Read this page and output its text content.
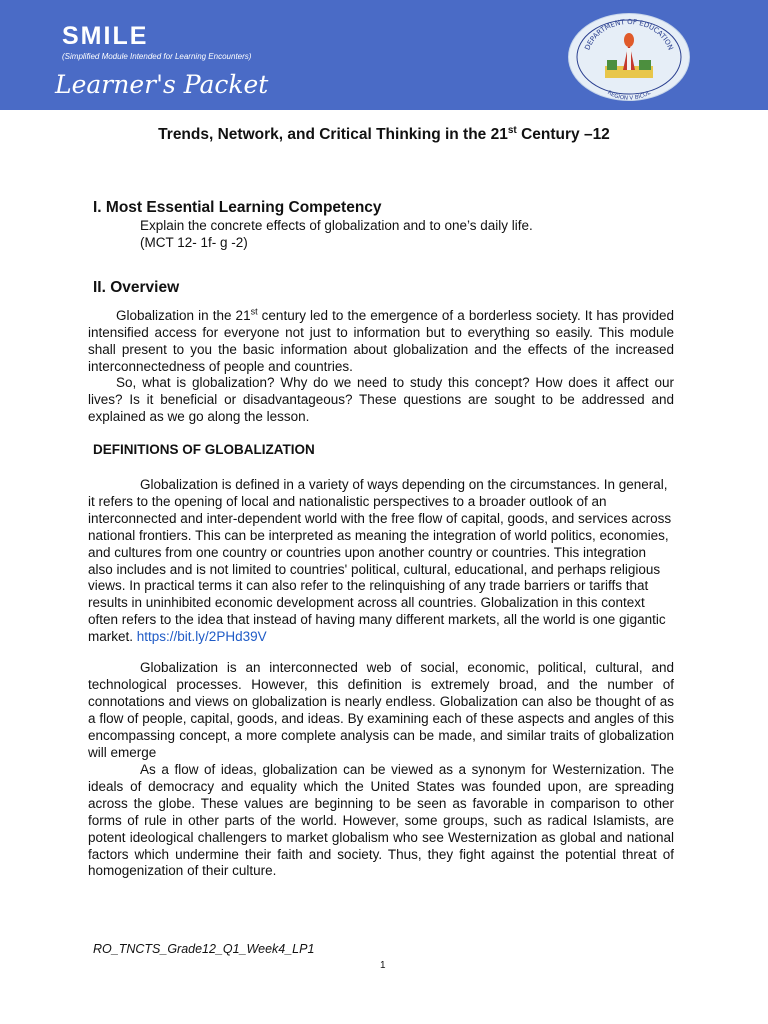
SMILE
(Simplified Module Intended for Learning Encounters)
Learner's Packet
DEPARTMENT OF EDUCATION
REGION V BICOL
Trends, Network, and Critical Thinking in the 21st Century –12
I. Most Essential Learning Competency
Explain the concrete effects of globalization and to one’s daily life.
(MCT 12- 1f- g -2)
II. Overview
Globalization in the 21st century led to the emergence of a borderless society. It has provided intensified access for everyone not just to information but to everything so easily. This module shall present to you the basic information about globalization and the effects of the increased interconnectedness of people and countries.
So, what is globalization? Why do we need to study this concept? How does it affect our lives? Is it beneficial or disadvantageous? These questions are sought to be addressed and explained as we go along the lesson.
DEFINITIONS OF GLOBALIZATION
Globalization is defined in a variety of ways depending on the circumstances. In general, it refers to the opening of local and nationalistic perspectives to a broader outlook of an interconnected and inter-dependent world with the free flow of capital, goods, and services across national frontiers. This can be interpreted as meaning the integration of world politics, economies, and cultures from one country or countries upon another country or countries. This integration also includes and is not limited to countries' political, cultural, educational, and perhaps religious views. In practical terms it can also refer to the relinquishing of any trade barriers or tariffs that results in uninhibited economic development across all countries. Globalization in this context often refers to the idea that instead of having many different markets, all the world is one gigantic market. https://bit.ly/2PHd39V
Globalization is an interconnected web of social, economic, political, cultural, and technological processes. However, this definition is extremely broad, and the number of connotations and views on globalization is nearly endless. Globalization can also be thought of as a flow of people, capital, goods, and ideas. By examining each of these aspects and angles of this encompassing concept, a more complete analysis can be made, and similar traits of globalization will emerge
As a flow of ideas, globalization can be viewed as a synonym for Westernization. The ideals of democracy and equality which the United States was founded upon, are spreading across the globe. These values are beginning to be seen as favorable in comparison to other forms of rule in other parts of the world. However, some groups, such as radical Islamists, are potent ideological challengers to market globalism who see Westernization as global and national factors which undermine their faith and society. Thus, they fight against the potential threat of homogenization of their culture.
RO_TNCTS_Grade12_Q1_Week4_LP1
1
